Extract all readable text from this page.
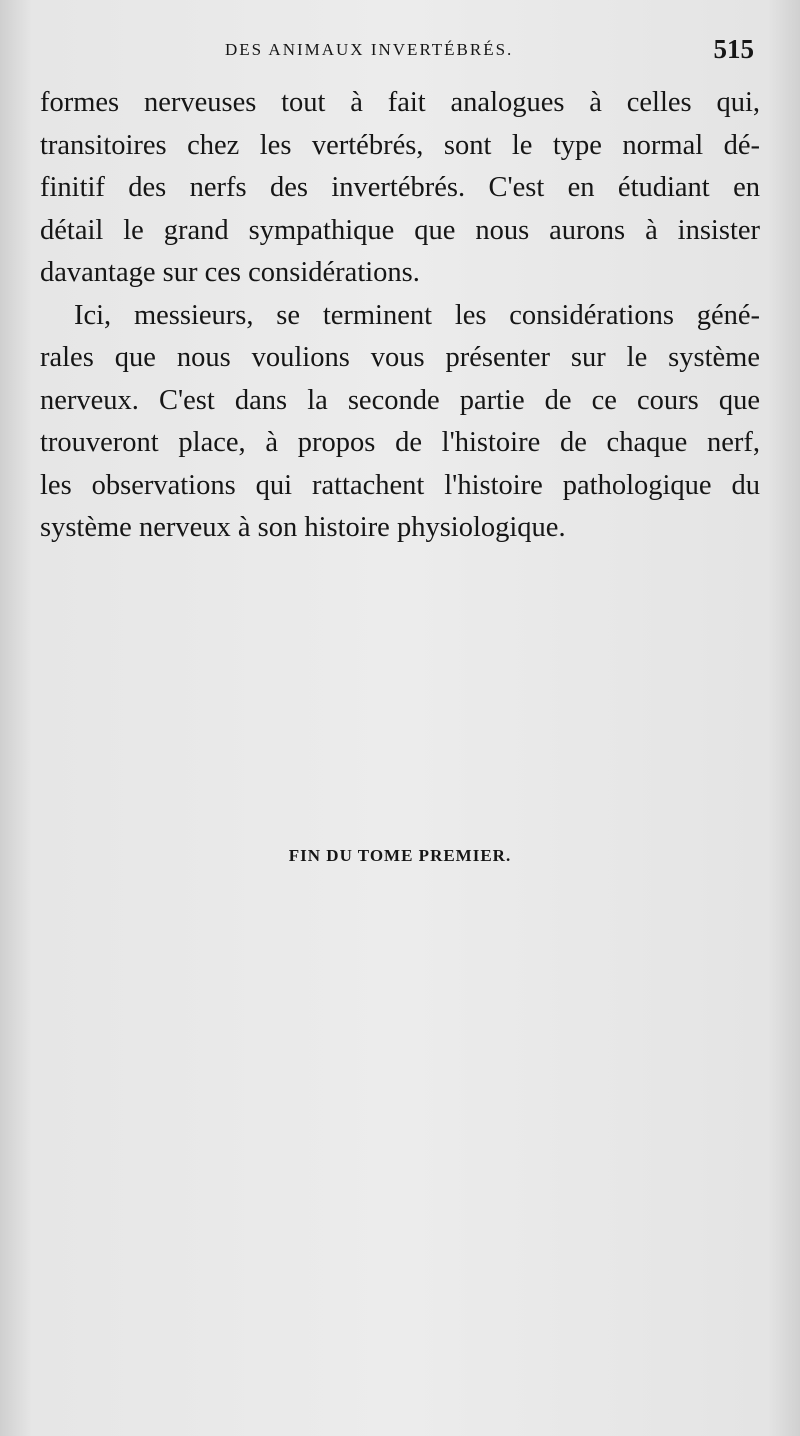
DES ANIMAUX INVERTÉBRÉS.	515

formes nerveuses tout à fait analogues à celles qui,
transitoires chez les vertébrés, sont le type normal dé-
finitif des nerfs des invertébrés. C'est en étudiant en
détail le grand sympathique que nous aurons à insister
davantage sur ces considérations.

Ici, messieurs, se terminent les considérations géné-
rales que nous voulions vous présenter sur le système
nerveux. C'est dans la seconde partie de ce cours que
trouveront place, à propos de l'histoire de chaque nerf,
les observations qui rattachent l'histoire pathologique du
système nerveux à son histoire physiologique.

FIN DU TOME PREMIER.
